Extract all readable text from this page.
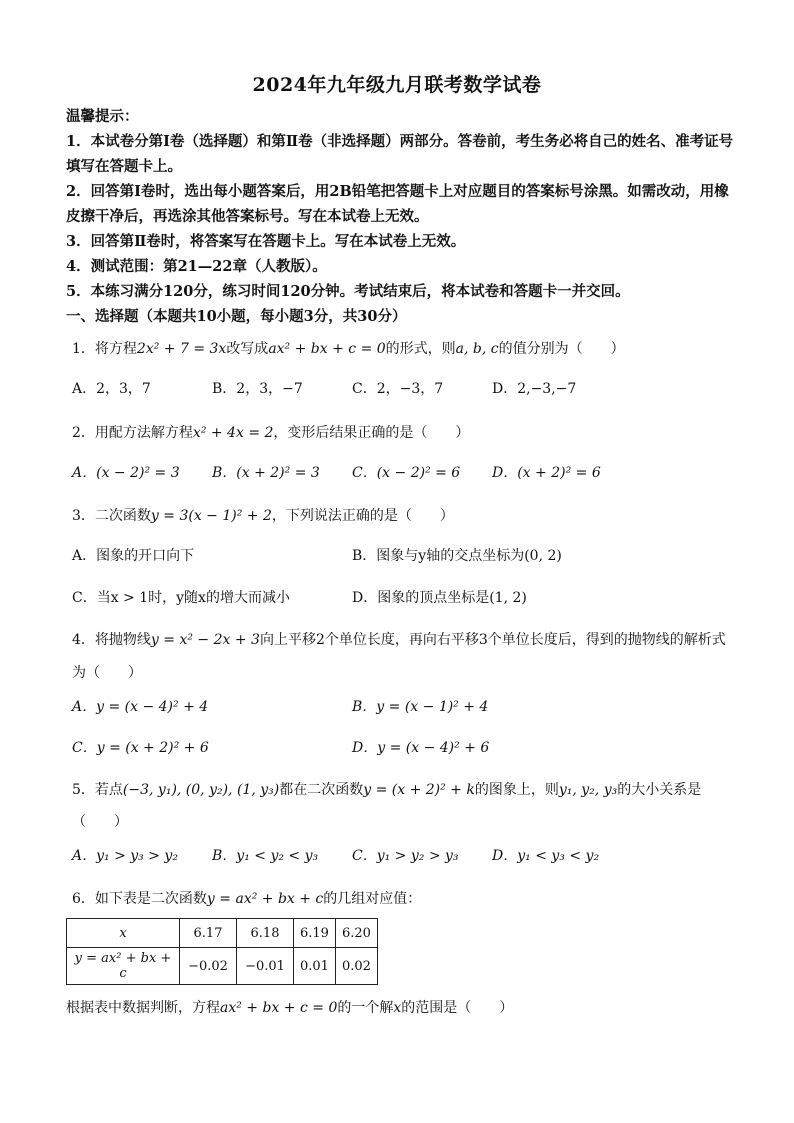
2024年九年级九月联考数学试卷
温馨提示：
1．本试卷分第Ⅰ卷（选择题）和第Ⅱ卷（非选择题）两部分。答卷前，考生务必将自己的姓名、准考证号填写在答题卡上。
2．回答第Ⅰ卷时，选出每小题答案后，用2B铅笔把答题卡上对应题目的答案标号涂黑。如需改动，用橡皮擦干净后，再选涂其他答案标号。写在本试卷上无效。
3．回答第Ⅱ卷时，将答案写在答题卡上。写在本试卷上无效。
4．测试范围：第21—22章（人教版）。
5．本练习满分120分，练习时间120分钟。考试结束后，将本试卷和答题卡一并交回。
一、选择题（本题共10小题，每小题3分，共30分）
1．将方程2x² + 7 = 3x改写成ax² + bx + c = 0的形式，则a, b, c的值分别为（　　）
A．2，3，7	B．2，3，−7	C．2，−3，7	D．2,−3,−7
2．用配方法解方程x² + 4x = 2，变形后结果正确的是（　　）
A．(x − 2)² = 3 B．(x + 2)² = 3 C．(x − 2)² = 6 D．(x + 2)² = 6
3．二次函数y = 3(x − 1)² + 2，下列说法正确的是（　　）
A．图象的开口向下	B．图象与y轴的交点坐标为(0, 2)
C．当x > 1时，y随x的增大而减小	D．图象的顶点坐标是(1, 2)
4．将抛物线y = x² − 2x + 3向上平移2个单位长度，再向右平移3个单位长度后，得到的抛物线的解析式
为（　　）
A．y = (x − 4)² + 4	B．y = (x − 1)² + 4
C．y = (x + 2)² + 6	D．y = (x − 4)² + 6
5．若点(−3, y₁), (0, y₂), (1, y₃)都在二次函数y = (x + 2)² + k的图象上，则y₁, y₂, y₃的大小关系是
（　　）
A．y₁ > y₃ > y₂ B．y₁ < y₂ < y₃ C．y₁ > y₂ > y₃ D．y₁ < y₃ < y₂
6．如下表是二次函数y = ax² + bx + c的几组对应值：
x	6.17	6.18	6.19	6.20
y = ax² + bx + c	−0.02	−0.01	0.01	0.02
根据表中数据判断，方程ax² + bx + c = 0的一个解x的范围是（　　）
